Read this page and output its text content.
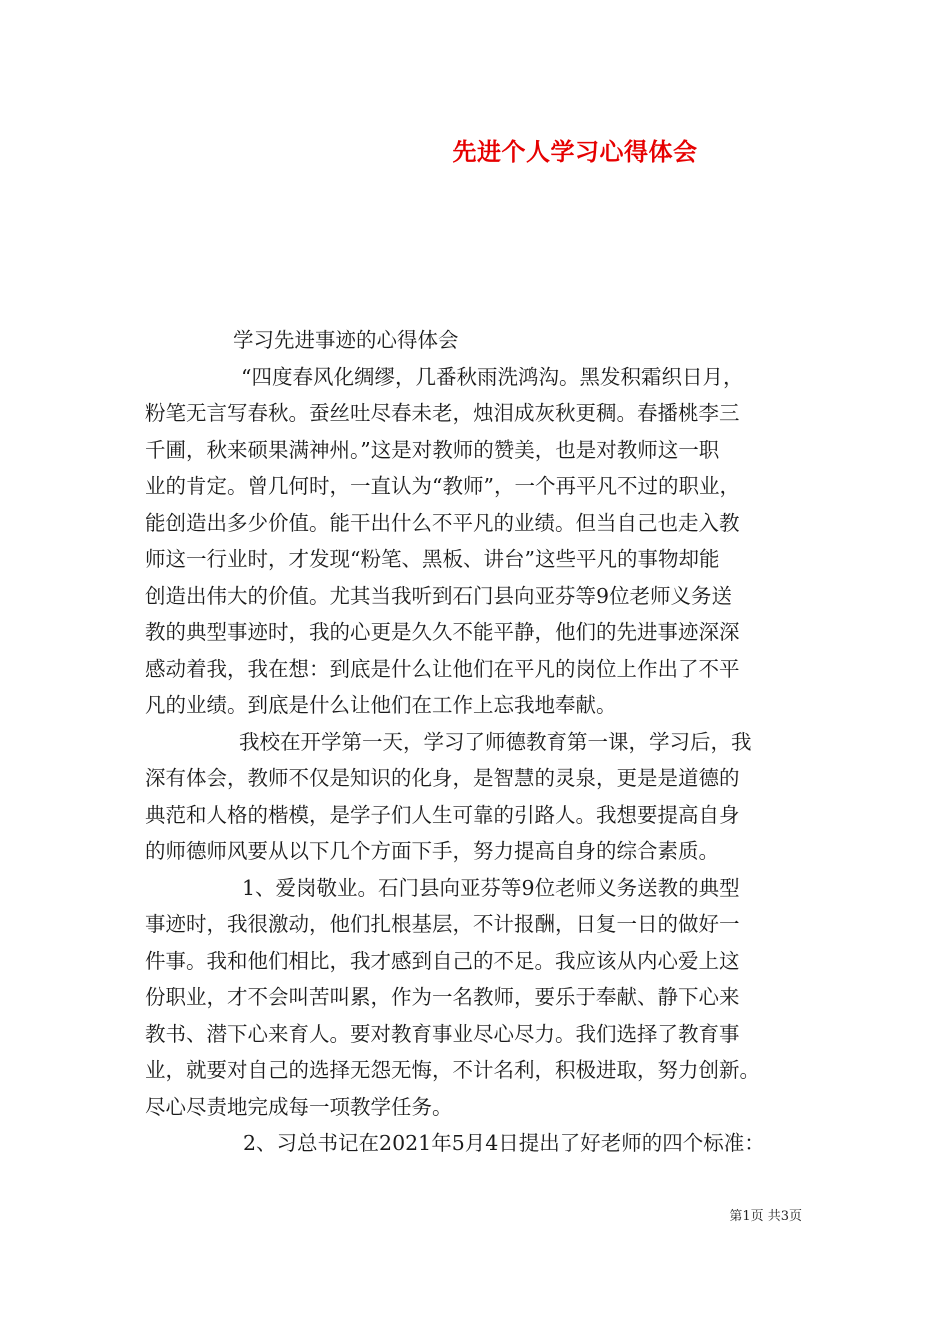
先进个人学习心得体会
学习先进事迹的心得体会
“四度春风化绸缪，几番秋雨洗鸿沟。黑发积霜织日月，
粉笔无言写春秋。蚕丝吐尽春未老，烛泪成灰秋更稠。春播桃李三
千圃，秋来硕果满神州。”这是对教师的赞美，也是对教师这一职
业的肯定。曾几何时，一直认为“教师”，一个再平凡不过的职业，
能创造出多少价值。能干出什么不平凡的业绩。但当自己也走入教
师这一行业时，才发现“粉笔、黑板、讲台”这些平凡的事物却能
创造出伟大的价值。尤其当我听到石门县向亚芬等9位老师义务送
教的典型事迹时，我的心更是久久不能平静，他们的先进事迹深深
感动着我，我在想：到底是什么让他们在平凡的岗位上作出了不平
凡的业绩。到底是什么让他们在工作上忘我地奉献。
我校在开学第一天，学习了师德教育第一课，学习后，我
深有体会，教师不仅是知识的化身，是智慧的灵泉，更是是道德的
典范和人格的楷模，是学子们人生可靠的引路人。我想要提高自身
的师德师风要从以下几个方面下手，努力提高自身的综合素质。
1、爱岗敬业。石门县向亚芬等9位老师义务送教的典型
事迹时，我很激动，他们扎根基层，不计报酬，日复一日的做好一
件事。我和他们相比，我才感到自己的不足。我应该从内心爱上这
份职业，才不会叫苦叫累，作为一名教师，要乐于奉献、静下心来
教书、潜下心来育人。要对教育事业尽心尽力。我们选择了教育事
业，就要对自己的选择无怨无悔，不计名利，积极进取，努力创新。
尽心尽责地完成每一项教学任务。
2、习总书记在2021年5月4日提出了好老师的四个标准：
第1页 共3页
